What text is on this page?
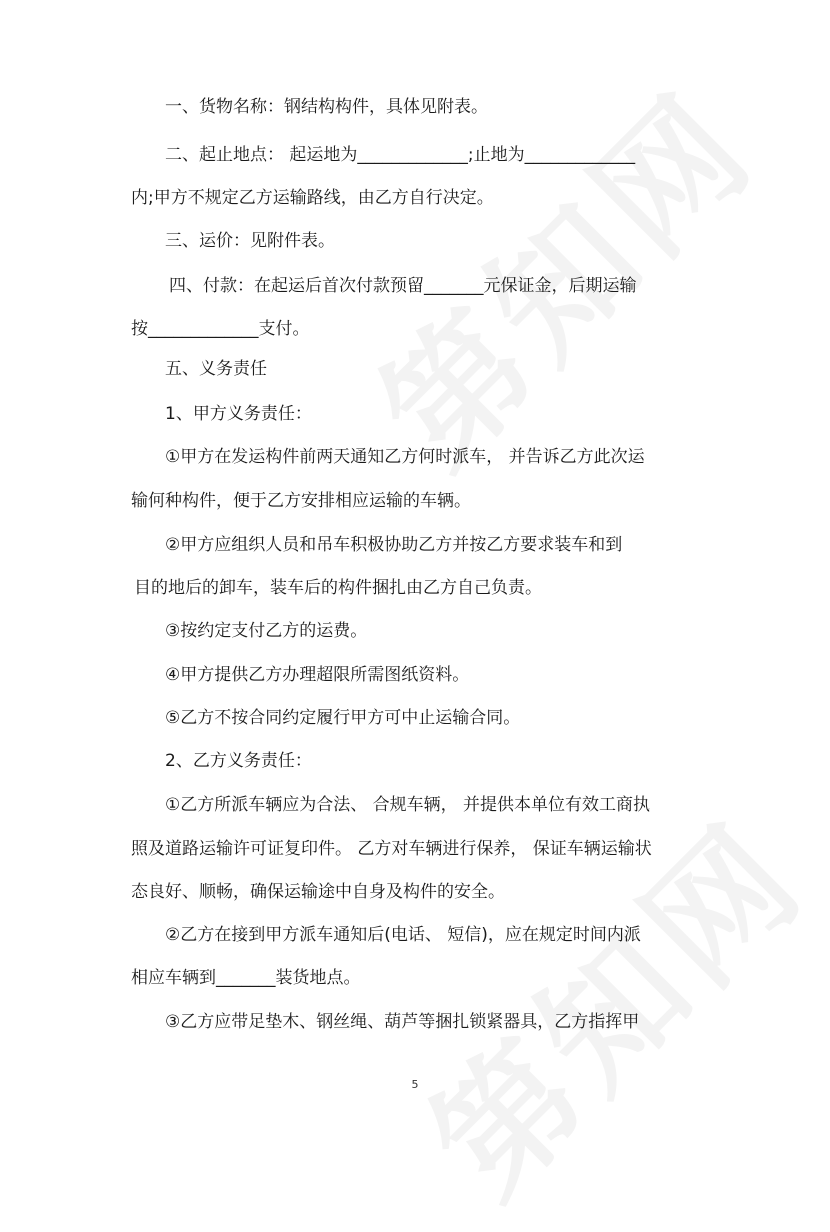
一、货物名称：钢结构构件，具体见附表。
二、起止地点： 起运地为_____________;止地为_____________
内;甲方不规定乙方运输路线，由乙方自行决定。
三、运价：见附件表。
四、付款：在起运后首次付款预留_______元保证金，后期运输
按_____________支付。
五、义务责任
1、甲方义务责任：
①甲方在发运构件前两天通知乙方何时派车， 并告诉乙方此次运
输何种构件，便于乙方安排相应运输的车辆。
②甲方应组织人员和吊车积极协助乙方并按乙方要求装车和到
目的地后的卸车，装车后的构件捆扎由乙方自己负责。
③按约定支付乙方的运费。
④甲方提供乙方办理超限所需图纸资料。
⑤乙方不按合同约定履行甲方可中止运输合同。
2、乙方义务责任：
①乙方所派车辆应为合法、 合规车辆， 并提供本单位有效工商执
照及道路运输许可证复印件。 乙方对车辆进行保养， 保证车辆运输状
态良好、顺畅，确保运输途中自身及构件的安全。
②乙方在接到甲方派车通知后(电话、 短信)，应在规定时间内派
相应车辆到_______装货地点。
③乙方应带足垫木、钢丝绳、葫芦等捆扎锁紧器具，乙方指挥甲
5
